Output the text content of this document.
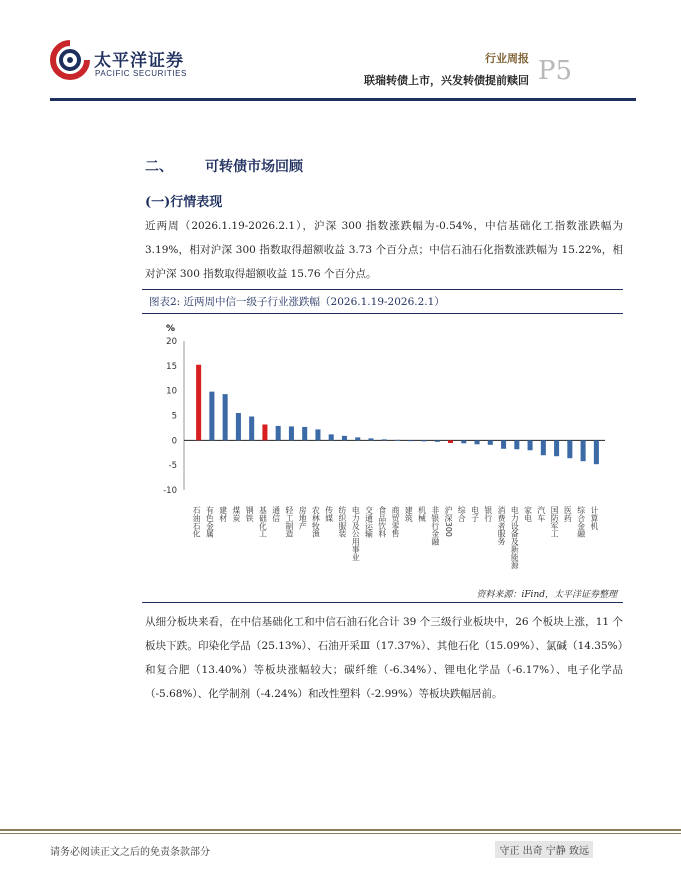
太平洋证券
PACIFIC SECURITIES
行业周报
联瑞转债上市，兴发转债提前赎回 P5
二、 可转债市场回顾
(一)行情表现
近两周（2026.1.19-2026.2.1），沪深 300 指数涨跌幅为-0.54%，中信基础化工指数涨跌幅为 3.19%，相对沪深 300 指数取得超额收益 3.73 个百分点；中信石油石化指数涨跌幅为 15.22%，相对沪深 300 指数取得超额收益 15.76 个百分点。
图表2: 近两周中信一级子行业涨跌幅（2026.1.19-2026.2.1）
%
20
15
10
5
0
-5
-10
石油石化 有色金属 建材 煤炭 钢铁 基础化工 通信 轻工制造 房地产 农林牧渔 传媒 纺织服装 电力及公用事业 交通运输 食品饮料 商贸零售 建筑 机械 非银行金融 沪深300 综合 电子 银行 消费者服务 电力设备及新能源 家电 汽车 国防军工 医药 综合金融 计算机
资料来源：iFind，太平洋证券整理
从细分板块来看，在中信基础化工和中信石油石化合计 39 个三级行业板块中，26 个板块上涨，11 个板块下跌。印染化学品（25.13%）、石油开采Ⅲ（17.37%）、其他石化（15.09%）、氯碱（14.35%）和复合肥（13.40%）等板块涨幅较大；碳纤维（-6.34%）、锂电化学品（-6.17%）、电子化学品（-5.68%）、化学制剂（-4.24%）和改性塑料（-2.99%）等板块跌幅居前。
请务必阅读正文之后的免责条款部分	守正 出奇 宁静 致远
